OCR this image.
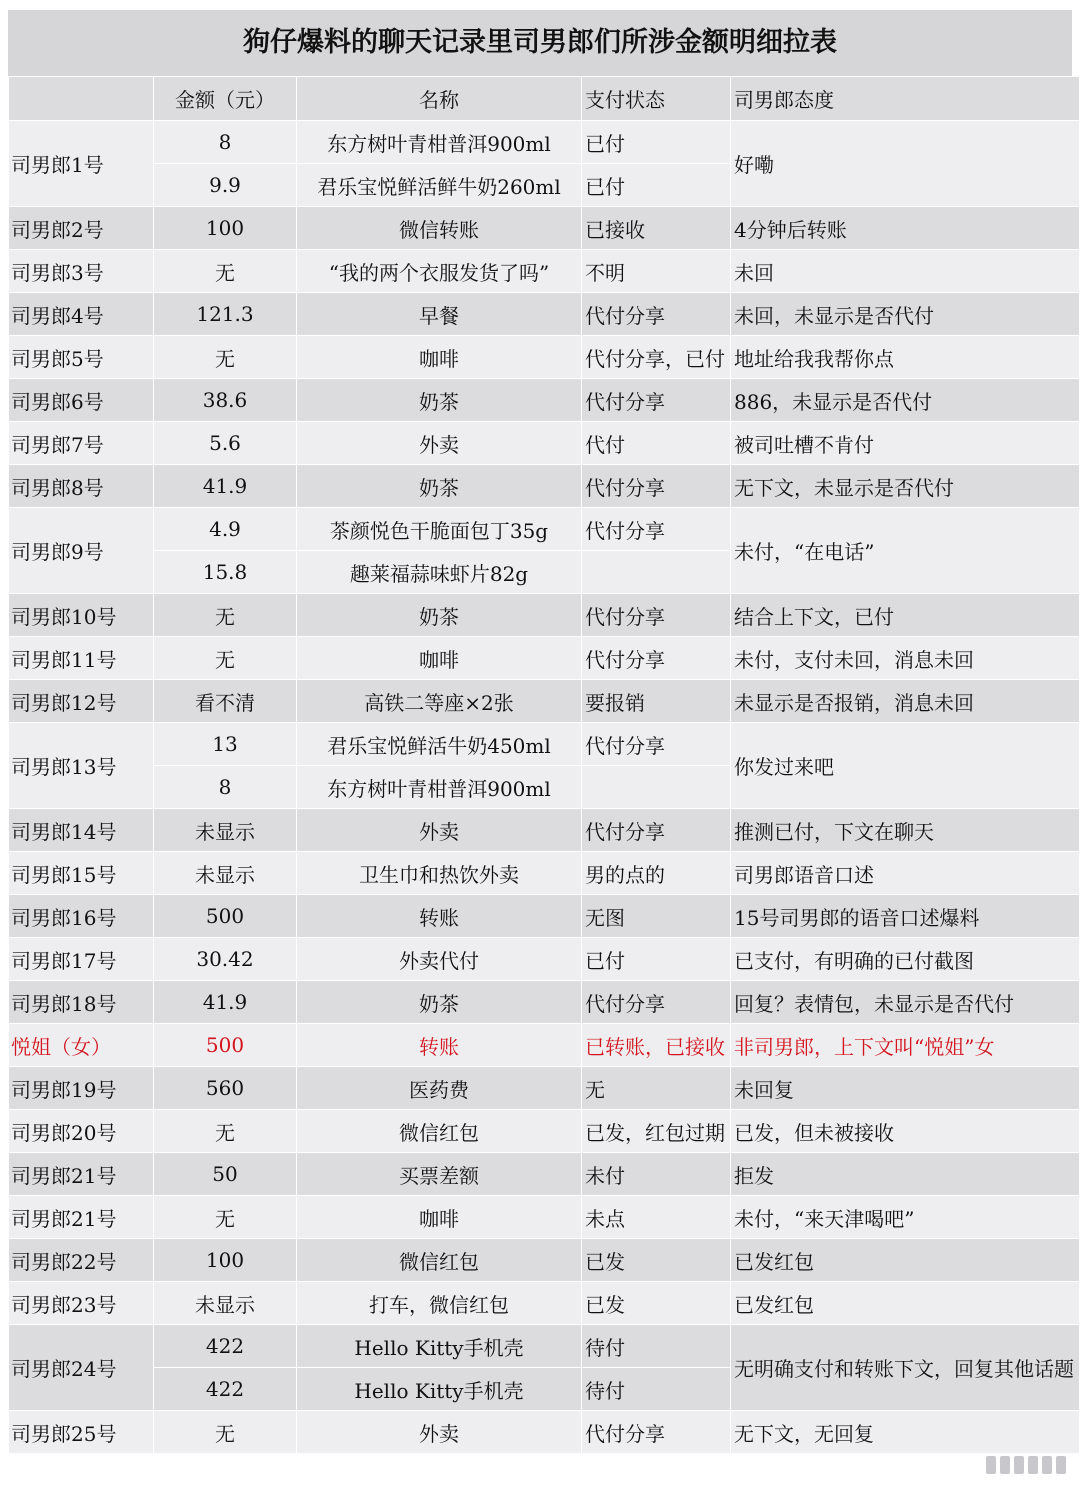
狗仔爆料的聊天记录里司男郎们所涉金额明细拉表
	金额（元）	名称	支付状态	司男郎态度
司男郎1号	8	东方树叶青柑普洱900ml	已付	好嘞
	9.9	君乐宝悦鲜活鲜牛奶260ml	已付	
司男郎2号	100	微信转账	已接收	4分钟后转账
司男郎3号	无	“我的两个衣服发货了吗”	不明	未回
司男郎4号	121.3	早餐	代付分享	未回，未显示是否代付
司男郎5号	无	咖啡	代付分享，已付	地址给我我帮你点
司男郎6号	38.6	奶茶	代付分享	886，未显示是否代付
司男郎7号	5.6	外卖	代付	被司吐槽不肯付
司男郎8号	41.9	奶茶	代付分享	无下文，未显示是否代付
司男郎9号	4.9	茶颜悦色干脆面包丁35g	代付分享	未付，“在电话”
	15.8	趣莱福蒜味虾片82g		
司男郎10号	无	奶茶	代付分享	结合上下文，已付
司男郎11号	无	咖啡	代付分享	未付，支付未回，消息未回
司男郎12号	看不清	高铁二等座×2张	要报销	未显示是否报销，消息未回
司男郎13号	13	君乐宝悦鲜活牛奶450ml	代付分享	你发过来吧
	8	东方树叶青柑普洱900ml		
司男郎14号	未显示	外卖	代付分享	推测已付，下文在聊天
司男郎15号	未显示	卫生巾和热饮外卖	男的点的	司男郎语音口述
司男郎16号	500	转账	无图	15号司男郎的语音口述爆料
司男郎17号	30.42	外卖代付	已付	已支付，有明确的已付截图
司男郎18号	41.9	奶茶	代付分享	回复？表情包，未显示是否代付
悦姐（女）	500	转账	已转账，已接收	非司男郎，上下文叫“悦姐”女
司男郎19号	560	医药费	无	未回复
司男郎20号	无	微信红包	已发，红包过期	已发，但未被接收
司男郎21号	50	买票差额	未付	拒发
司男郎21号	无	咖啡	未点	未付，“来天津喝吧”
司男郎22号	100	微信红包	已发	已发红包
司男郎23号	未显示	打车，微信红包	已发	已发红包
司男郎24号	422	Hello Kitty手机壳	待付	无明确支付和转账下文，回复其他话题
	422	Hello Kitty手机壳	待付	
司男郎25号	无	外卖	代付分享	无下文，无回复
